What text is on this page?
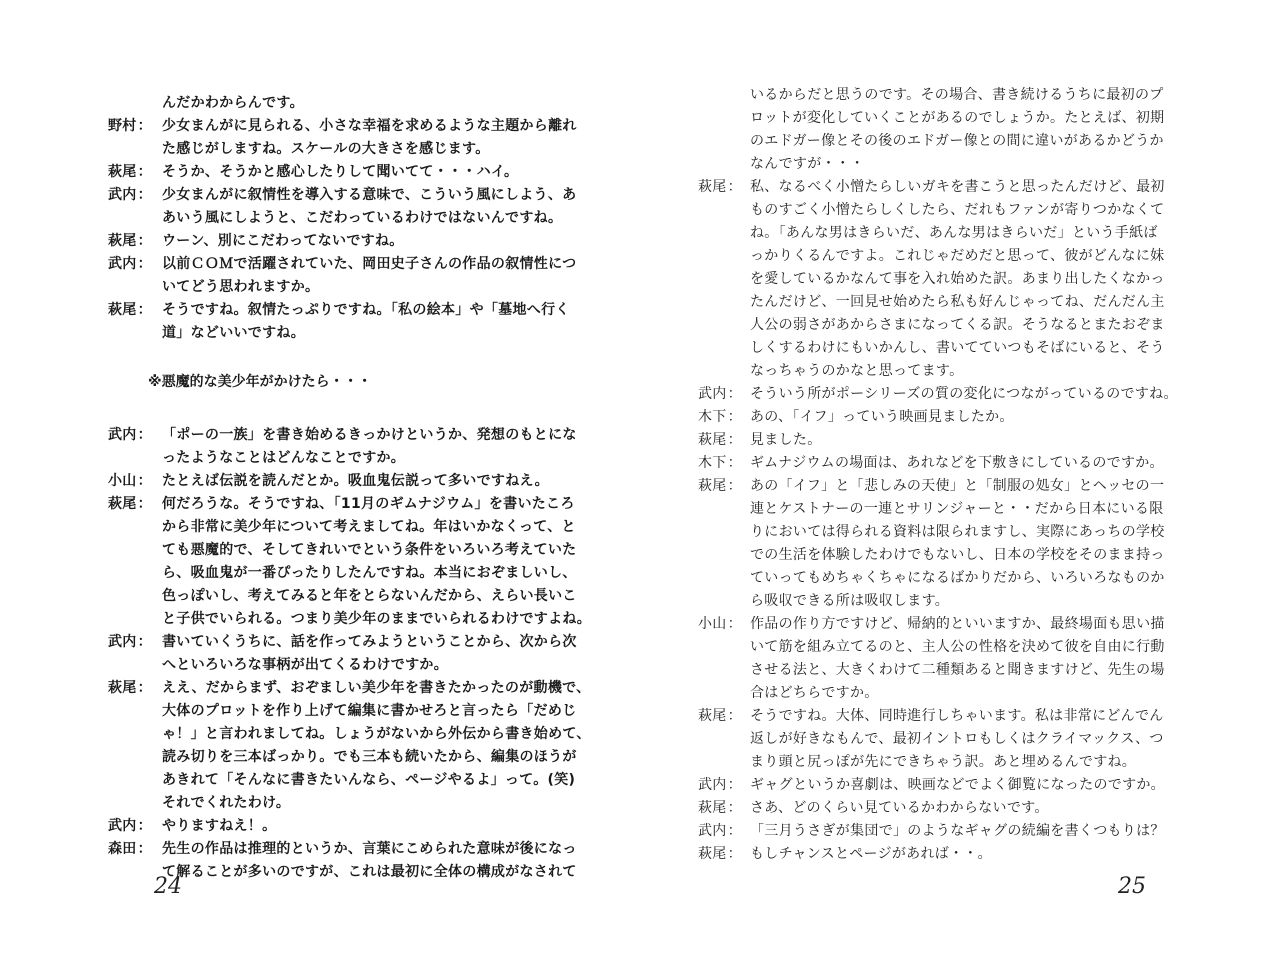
んだかわからんです。
野村： 少女まんがに見られる、小さな幸福を求めるような主題から離れ
た感じがしますね。スケールの大きさを感じます。
萩尾： そうか、そうかと感心したりして聞いてて・・・ハイ。
武内： 少女まんがに叙情性を導入する意味で、こういう風にしよう、あ
あいう風にしようと、こだわっているわけではないんですね。
萩尾： ウーン、別にこだわってないですね。
武内： 以前ＣＯＭで活躍されていた、岡田史子さんの作品の叙情性につ
いてどう思われますか。
萩尾： そうですね。叙情たっぷりですね。「私の絵本」や「墓地へ行く
道」などいいですね。
※悪魔的な美少年がかけたら・・・
武内： 「ポーの一族」を書き始めるきっかけというか、発想のもとにな
ったようなことはどんなことですか。
小山： たとえば伝説を読んだとか。吸血鬼伝説って多いですねえ。
萩尾： 何だろうな。そうですね、「11月のギムナジウム」を書いたころ
から非常に美少年について考えましてね。年はいかなくって、と
ても悪魔的で、そしてきれいでという条件をいろいろ考えていた
ら、吸血鬼が一番ぴったりしたんですね。本当におぞましいし、
色っぽいし、考えてみると年をとらないんだから、えらい長いこ
と子供でいられる。つまり美少年のままでいられるわけですよね。
武内： 書いていくうちに、話を作ってみようということから、次から次
へといろいろな事柄が出てくるわけですか。
萩尾： ええ、だからまず、おぞましい美少年を書きたかったのが動機で、
大体のプロットを作り上げて編集に書かせろと言ったら「だめじ
ゃ！」と言われましてね。しょうがないから外伝から書き始めて、
読み切りを三本ばっかり。でも三本も続いたから、編集のほうが
あきれて「そんなに書きたいんなら、ページやるよ」って。(笑)
それでくれたわけ。
武内： やりますねえ！。
森田： 先生の作品は推理的というか、言葉にこめられた意味が後になっ
て解ることが多いのですが、これは最初に全体の構成がなされて
24
いるからだと思うのです。その場合、書き続けるうちに最初のプ
ロットが変化していくことがあるのでしょうか。たとえば、初期
のエドガー像とその後のエドガー像との間に違いがあるかどうか
なんですが・・・
萩尾： 私、なるべく小憎たらしいガキを書こうと思ったんだけど、最初
ものすごく小憎たらしくしたら、だれもファンが寄りつかなくて
ね。「あんな男はきらいだ、あんな男はきらいだ」という手紙ば
っかりくるんですよ。これじゃだめだと思って、彼がどんなに妹
を愛しているかなんて事を入れ始めた訳。あまり出したくなかっ
たんだけど、一回見せ始めたら私も好んじゃってね、だんだん主
人公の弱さがあからさまになってくる訳。そうなるとまたおぞま
しくするわけにもいかんし、書いてていつもそばにいると、そう
なっちゃうのかなと思ってます。
武内： そういう所がポーシリーズの質の変化につながっているのですね。
木下： あの、「イフ」っていう映画見ましたか。
萩尾： 見ました。
木下： ギムナジウムの場面は、あれなどを下敷きにしているのですか。
萩尾： あの「イフ」と「悲しみの天使」と「制服の処女」とヘッセの一
連とケストナーの一連とサリンジャーと・・だから日本にいる限
りにおいては得られる資料は限られますし、実際にあっちの学校
での生活を体験したわけでもないし、日本の学校をそのまま持っ
ていってもめちゃくちゃになるばかりだから、いろいろなものか
ら吸収できる所は吸収します。
小山： 作品の作り方ですけど、帰納的といいますか、最終場面も思い描
いて筋を組み立てるのと、主人公の性格を決めて彼を自由に行動
させる法と、大きくわけて二種類あると聞きますけど、先生の場
合はどちらですか。
萩尾： そうですね。大体、同時進行しちゃいます。私は非常にどんでん
返しが好きなもんで、最初イントロもしくはクライマックス、つ
まり頭と尻っぽが先にできちゃう訳。あと埋めるんですね。
武内： ギャグというか喜劇は、映画などでよく御覧になったのですか。
萩尾： さあ、どのくらい見ているかわからないです。
武内： 「三月うさぎが集団で」のようなギャグの続編を書くつもりは？
萩尾： もしチャンスとページがあれば・・。
25
